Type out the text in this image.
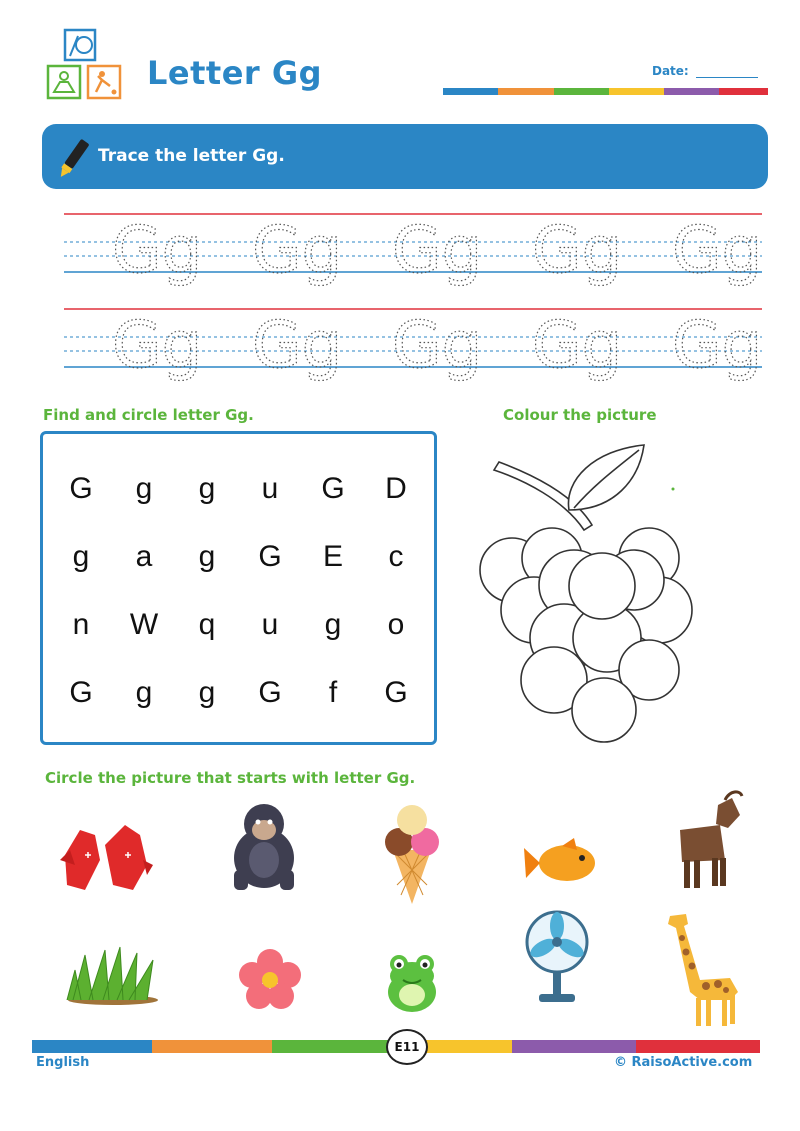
Letter Gg	Date:
Trace the letter Gg.
Gg Gg Gg Gg Gg
Gg Gg Gg Gg Gg
Find and circle letter Gg.
G	g	g	u	G	D
g	a	g	G	E	c
n	W	q	u	g	o
G	g	g	G	f	G
Colour the picture
Circle the picture that starts with letter Gg.
E11
English	© RaisoActive.com
